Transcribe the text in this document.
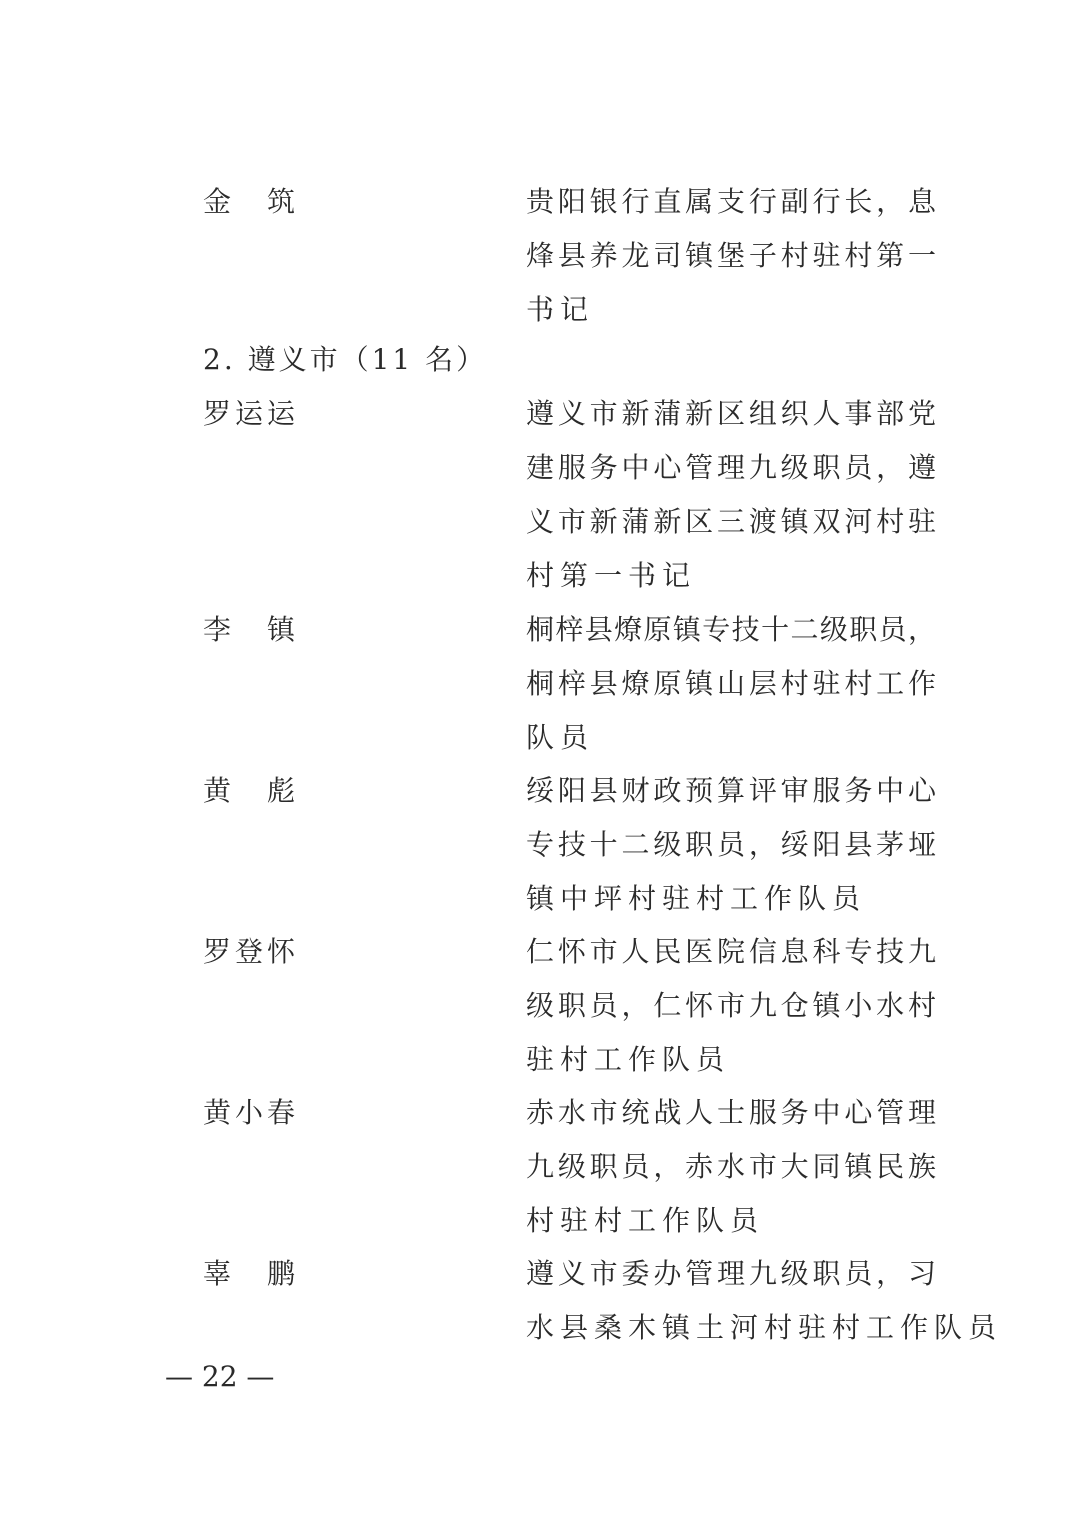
金　筑	贵阳银行直属支行副行长，息
烽县养龙司镇堡子村驻村第一
书记
2. 遵义市（11 名）
罗运运	遵义市新蒲新区组织人事部党
建服务中心管理九级职员，遵
义市新蒲新区三渡镇双河村驻
村第一书记
李　镇	桐梓县燎原镇专技十二级职员，
桐梓县燎原镇山层村驻村工作
队员
黄　彪	绥阳县财政预算评审服务中心
专技十二级职员，绥阳县茅垭
镇中坪村驻村工作队员
罗登怀	仁怀市人民医院信息科专技九
级职员，仁怀市九仓镇小水村
驻村工作队员
黄小春	赤水市统战人士服务中心管理
九级职员，赤水市大同镇民族
村驻村工作队员
辜　鹏	遵义市委办管理九级职员，习
水县桑木镇土河村驻村工作队员
— 22 —
